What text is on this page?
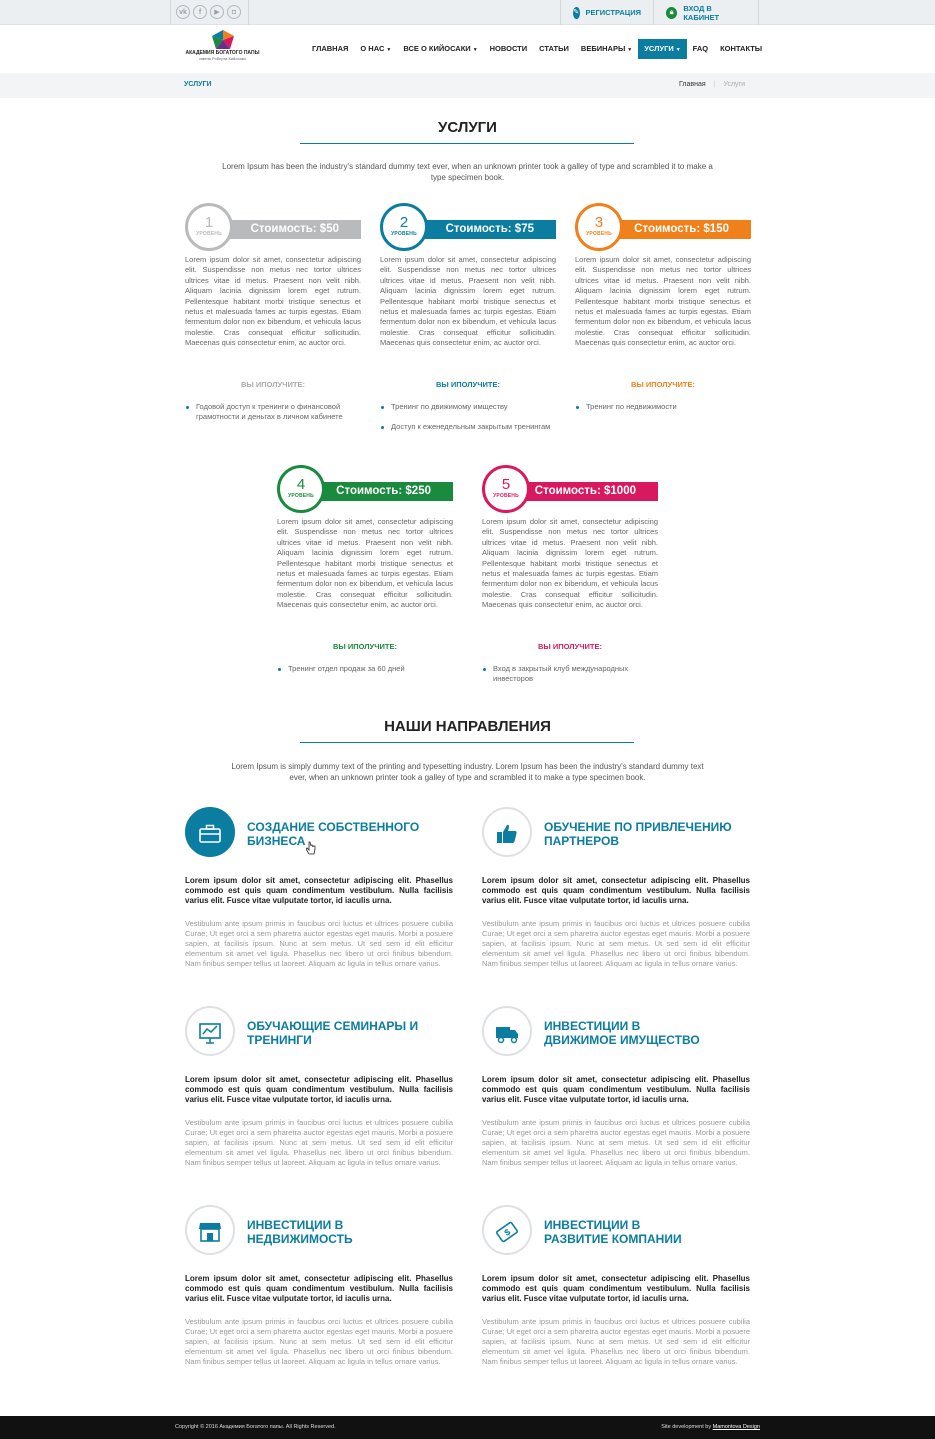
vk	f	▶	◘	✎ РЕГИСТРАЦИЯ	🔒︎	ВХОД В КАБИНЕТ
АКАДЕМИЯ БОГАТОГО ПАПЫ
имени Роберта Кийосаки
ГЛАВНАЯ	О НАС ▼	ВСЕ О КИЙОСАКИ ▼	НОВОСТИ	СТАТЬИ	ВЕБИНАРЫ ▼	УСЛУГИ ▼	FAQ	КОНТАКТЫ
УСЛУГИ	Главная | Услуги
УСЛУГИ
Lorem Ipsum has been the industry's standard dummy text ever, when an unknown printer took a galley of type and scrambled it to make a type specimen book.
1
УРОВЕНЬ	Стоимость: $50
Lorem ipsum dolor sit amet, consectetur adipiscing elit. Suspendisse non metus nec tortor ultrices ultrices vitae id metus. Praesent non velit nibh. Aliquam lacinia dignissim lorem eget rutrum. Pellentesque habitant morbi tristique senectus et netus et malesuada fames ac turpis egestas. Etiam fermentum dolor non ex bibendum, et vehicula lacus molestie. Cras consequat efficitur sollicitudin. Maecenas quis consectetur enim, ac auctor orci.
ВЫ ИПОЛУЧИТЕ:
Годовой доступ к тренинги о финансовой грамотности и деньгах в личном кабинете
2
УРОВЕНЬ	Стоимость: $75
Lorem ipsum dolor sit amet, consectetur adipiscing elit. Suspendisse non metus nec tortor ultrices ultrices vitae id metus. Praesent non velit nibh. Aliquam lacinia dignissim lorem eget rutrum. Pellentesque habitant morbi tristique senectus et netus et malesuada fames ac turpis egestas. Etiam fermentum dolor non ex bibendum, et vehicula lacus molestie. Cras consequat efficitur sollicitudin. Maecenas quis consectetur enim, ac auctor orci.
ВЫ ИПОЛУЧИТЕ:
Тренинг по движимому имществу
Доступ к еженедельным закрытым тренингам
3
УРОВЕНЬ	Стоимость: $150
Lorem ipsum dolor sit amet, consectetur adipiscing elit. Suspendisse non metus nec tortor ultrices ultrices vitae id metus. Praesent non velit nibh. Aliquam lacinia dignissim lorem eget rutrum. Pellentesque habitant morbi tristique senectus et netus et malesuada fames ac turpis egestas. Etiam fermentum dolor non ex bibendum, et vehicula lacus molestie. Cras consequat efficitur sollicitudin. Maecenas quis consectetur enim, ac auctor orci.
ВЫ ИПОЛУЧИТЕ:
Тренинг по недвижимости
4
УРОВЕНЬ	Стоимость: $250
Lorem ipsum dolor sit amet, consectetur adipiscing elit. Suspendisse non metus nec tortor ultrices ultrices vitae id metus. Praesent non velit nibh. Aliquam lacinia dignissim lorem eget rutrum. Pellentesque habitant morbi tristique senectus et netus et malesuada fames ac turpis egestas. Etiam fermentum dolor non ex bibendum, et vehicula lacus molestie. Cras consequat efficitur sollicitudin. Maecenas quis consectetur enim, ac auctor orci.
ВЫ ИПОЛУЧИТЕ:
Тренинг отдел продаж за 60 дней
5
УРОВЕНЬ	Стоимость: $1000
Lorem ipsum dolor sit amet, consectetur adipiscing elit. Suspendisse non metus nec tortor ultrices ultrices vitae id metus. Praesent non velit nibh. Aliquam lacinia dignissim lorem eget rutrum. Pellentesque habitant morbi tristique senectus et netus et malesuada fames ac turpis egestas. Etiam fermentum dolor non ex bibendum, et vehicula lacus molestie. Cras consequat efficitur sollicitudin. Maecenas quis consectetur enim, ac auctor orci.
ВЫ ИПОЛУЧИТЕ:
Вход в закрытый клуб международных инвесторов
НАШИ НАПРАВЛЕНИЯ
Lorem Ipsum is simply dummy text of the printing and typesetting industry. Lorem Ipsum has been the industry's standard dummy text ever, when an unknown printer took a galley of type and scrambled it to make a type specimen book.
СОЗДАНИЕ СОБСТВЕННОГО
БИЗНЕСА
Lorem ipsum dolor sit amet, consectetur adipiscing elit. Phasellus commodo est quis quam condimentum vestibulum. Nulla facilisis varius elit. Fusce vitae vulputate tortor, id iaculis urna.
Vestibulum ante ipsum primis in faucibus orci luctus et ultrices posuere cubilia Curae; Ut eget orci a sem pharetra auctor egestas eget mauris. Morbi a posuere sapien, at facilisis ipsum. Nunc at sem metus. Ut sed sem id elit efficitur elementum sit amet vel ligula. Phasellus nec libero ut orci finibus bibendum. Nam finibus semper tellus ut laoreet. Aliquam ac ligula in tellus ornare varius.
ОБУЧЕНИЕ ПО ПРИВЛЕЧЕНИЮ
ПАРТНЕРОВ
Lorem ipsum dolor sit amet, consectetur adipiscing elit. Phasellus commodo est quis quam condimentum vestibulum. Nulla facilisis varius elit. Fusce vitae vulputate tortor, id iaculis urna.
Vestibulum ante ipsum primis in faucibus orci luctus et ultrices posuere cubilia Curae; Ut eget orci a sem pharetra auctor egestas eget mauris. Morbi a posuere sapien, at facilisis ipsum. Nunc at sem metus. Ut sed sem id elit efficitur elementum sit amet vel ligula. Phasellus nec libero ut orci finibus bibendum. Nam finibus semper tellus ut laoreet. Aliquam ac ligula in tellus ornare varius.
ОБУЧАЮЩИЕ СЕМИНАРЫ И
ТРЕНИНГИ
Lorem ipsum dolor sit amet, consectetur adipiscing elit. Phasellus commodo est quis quam condimentum vestibulum. Nulla facilisis varius elit. Fusce vitae vulputate tortor, id iaculis urna.
Vestibulum ante ipsum primis in faucibus orci luctus et ultrices posuere cubilia Curae; Ut eget orci a sem pharetra auctor egestas eget mauris. Morbi a posuere sapien, at facilisis ipsum. Nunc at sem metus. Ut sed sem id elit efficitur elementum sit amet vel ligula. Phasellus nec libero ut orci finibus bibendum. Nam finibus semper tellus ut laoreet. Aliquam ac ligula in tellus ornare varius.
ИНВЕСТИЦИИ В
ДВИЖИМОЕ ИМУЩЕСТВО
Lorem ipsum dolor sit amet, consectetur adipiscing elit. Phasellus commodo est quis quam condimentum vestibulum. Nulla facilisis varius elit. Fusce vitae vulputate tortor, id iaculis urna.
Vestibulum ante ipsum primis in faucibus orci luctus et ultrices posuere cubilia Curae; Ut eget orci a sem pharetra auctor egestas eget mauris. Morbi a posuere sapien, at facilisis ipsum. Nunc at sem metus. Ut sed sem id elit efficitur elementum sit amet vel ligula. Phasellus nec libero ut orci finibus bibendum. Nam finibus semper tellus ut laoreet. Aliquam ac ligula in tellus ornare varius.
ИНВЕСТИЦИИ В
НЕДВИЖИМОСТЬ
Lorem ipsum dolor sit amet, consectetur adipiscing elit. Phasellus commodo est quis quam condimentum vestibulum. Nulla facilisis varius elit. Fusce vitae vulputate tortor, id iaculis urna.
Vestibulum ante ipsum primis in faucibus orci luctus et ultrices posuere cubilia Curae; Ut eget orci a sem pharetra auctor egestas eget mauris. Morbi a posuere sapien, at facilisis ipsum. Nunc at sem metus. Ut sed sem id elit efficitur elementum sit amet vel ligula. Phasellus nec libero ut orci finibus bibendum. Nam finibus semper tellus ut laoreet. Aliquam ac ligula in tellus ornare varius.
$
ИНВЕСТИЦИИ В
РАЗВИТИЕ КОМПАНИИ
Lorem ipsum dolor sit amet, consectetur adipiscing elit. Phasellus commodo est quis quam condimentum vestibulum. Nulla facilisis varius elit. Fusce vitae vulputate tortor, id iaculis urna.
Vestibulum ante ipsum primis in faucibus orci luctus et ultrices posuere cubilia Curae; Ut eget orci a sem pharetra auctor egestas eget mauris. Morbi a posuere sapien, at facilisis ipsum. Nunc at sem metus. Ut sed sem id elit efficitur elementum sit amet vel ligula. Phasellus nec libero ut orci finibus bibendum. Nam finibus semper tellus ut laoreet. Aliquam ac ligula in tellus ornare varius.
Copyright © 2016 Академия Богатого папы. All Rights Reserved.	Site development by Mamontova Design
